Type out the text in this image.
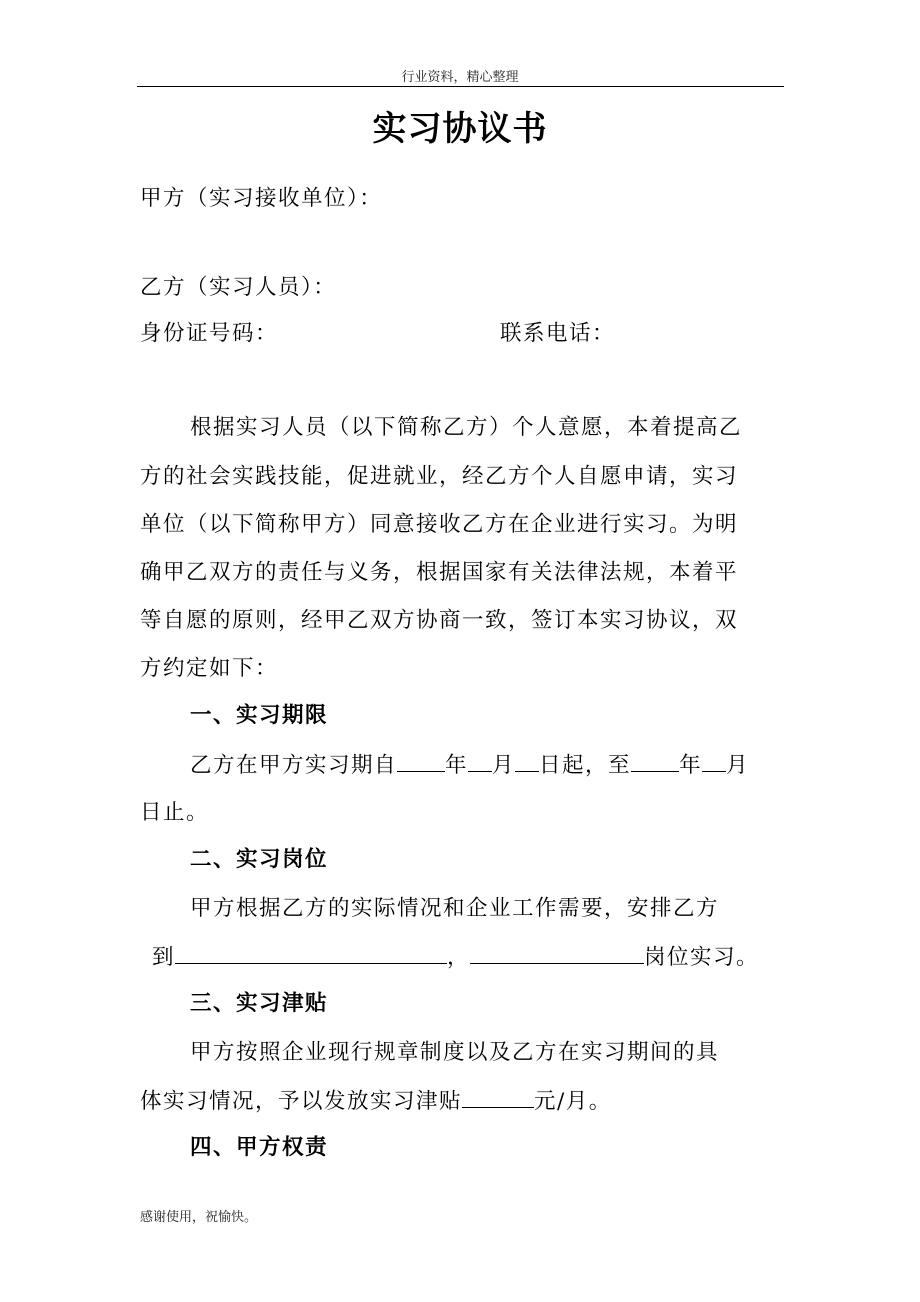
行业资料，精心整理
实习协议书
甲方（实习接收单位）：
乙方（实习人员）：
身份证号码：	联系电话：
根据实习人员（以下简称乙方）个人意愿，本着提高乙
方的社会实践技能，促进就业，经乙方个人自愿申请，实习
单位（以下简称甲方）同意接收乙方在企业进行实习。为明
确甲乙双方的责任与义务，根据国家有关法律法规，本着平
等自愿的原则，经甲乙双方协商一致，签订本实习协议，双
方约定如下：
一、实习期限
乙方在甲方实习期自 年 月 日起，至 年 月
日止。
二、实习岗位
甲方根据乙方的实际情况和企业工作需要，安排乙方
到	，	岗位实习。
三、实习津贴
甲方按照企业现行规章制度以及乙方在实习期间的具
体实习情况，予以发放实习津贴	元/月。
四、甲方权责
感谢使用，祝愉快。
